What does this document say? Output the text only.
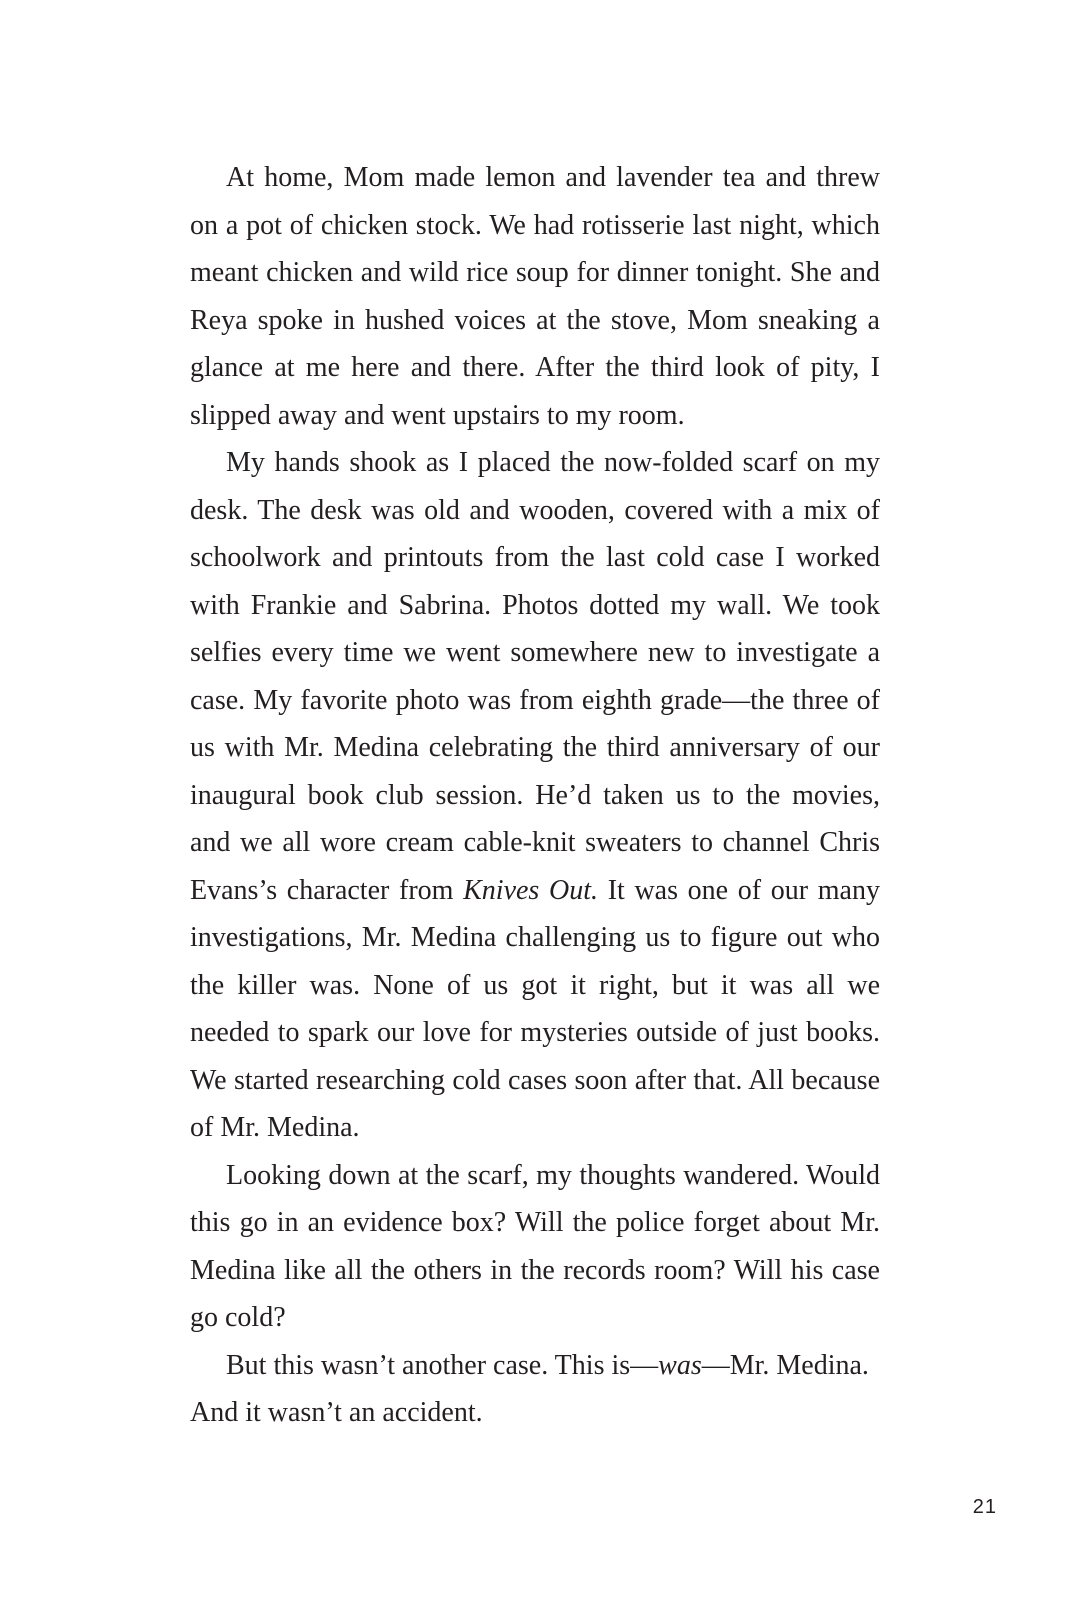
At home, Mom made lemon and lavender tea and threw on a pot of chicken stock. We had rotisserie last night, which meant chicken and wild rice soup for dinner tonight. She and Reya spoke in hushed voices at the stove, Mom sneaking a glance at me here and there. After the third look of pity, I slipped away and went upstairs to my room.

My hands shook as I placed the now-folded scarf on my desk. The desk was old and wooden, covered with a mix of schoolwork and printouts from the last cold case I worked with Frankie and Sabrina. Photos dotted my wall. We took selfies every time we went somewhere new to investigate a case. My favorite photo was from eighth grade—the three of us with Mr. Medina celebrating the third anniversary of our inaugural book club session. He’d taken us to the movies, and we all wore cream cable-knit sweaters to channel Chris Evans’s character from Knives Out. It was one of our many investigations, Mr. Medina challenging us to figure out who the killer was. None of us got it right, but it was all we needed to spark our love for mysteries outside of just books. We started researching cold cases soon after that. All because of Mr. Medina.

Looking down at the scarf, my thoughts wandered. Would this go in an evidence box? Will the police forget about Mr. Medina like all the others in the records room? Will his case go cold?

But this wasn’t another case. This is—was—Mr. Medina.

And it wasn’t an accident.

21
